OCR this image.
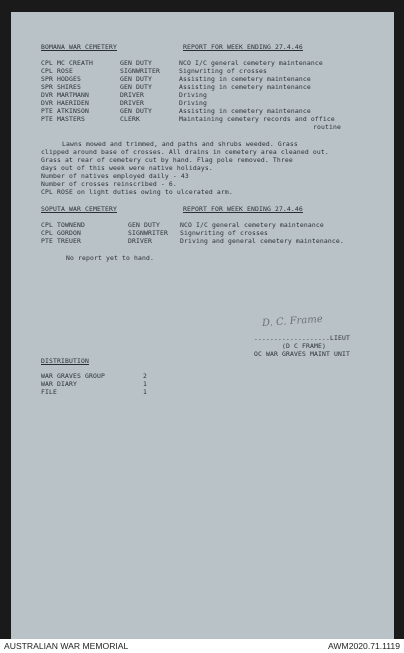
BOMANA WAR CEMETERY	REPORT FOR WEEK ENDING 27.4.46
CPL MC CREATH	GEN DUTY	NCO I/C general cemetery maintenance
CPL ROSE	SIGNWRITER	Signwriting of crosses
SPR HODGES	GEN DUTY	Assisting in cemetery maintenance
SPR SHIRES	GEN DUTY	Assisting in cemetery maintenance
DVR MARTMANN	DRIVER	Driving
DVR HAERIDEN	DRIVER	Driving
PTE ATKINSON	GEN DUTY	Assisting in cemetery maintenance
PTE MASTERS	CLERK	Maintaining cemetery records and office
routine
Lawns mowed and trimmed, and paths and shrubs weeded. Grass
clipped around base of crosses. All drains in cemetery area cleaned out.
Grass at rear of cemetery cut by hand. Flag pole removed. Three
days out of this week were native holidays.
Number of natives employed daily - 43
Number of crosses reinscribed - 6.
CPL ROSE on light duties owing to ulcerated arm.
SOPUTA WAR CEMETERY	REPORT FOR WEEK ENDING 27.4.46
CPL TOWNEND	GEN DUTY	NCO I/C general cemetery maintenance
CPL GORDON	SIGNWRITER Signwriting of crosses
PTE TREUER	DRIVER	Driving and general cemetery maintenance.
No report yet to hand.
D. C. Frame
...................LIEUT
(D C FRAME)
OC WAR GRAVES MAINT UNIT
DISTRIBUTION
WAR GRAVES GROUP	2
WAR DIARY	1
FILE	1
AUSTRALIAN WAR MEMORIAL	AWM2020.71.1119
